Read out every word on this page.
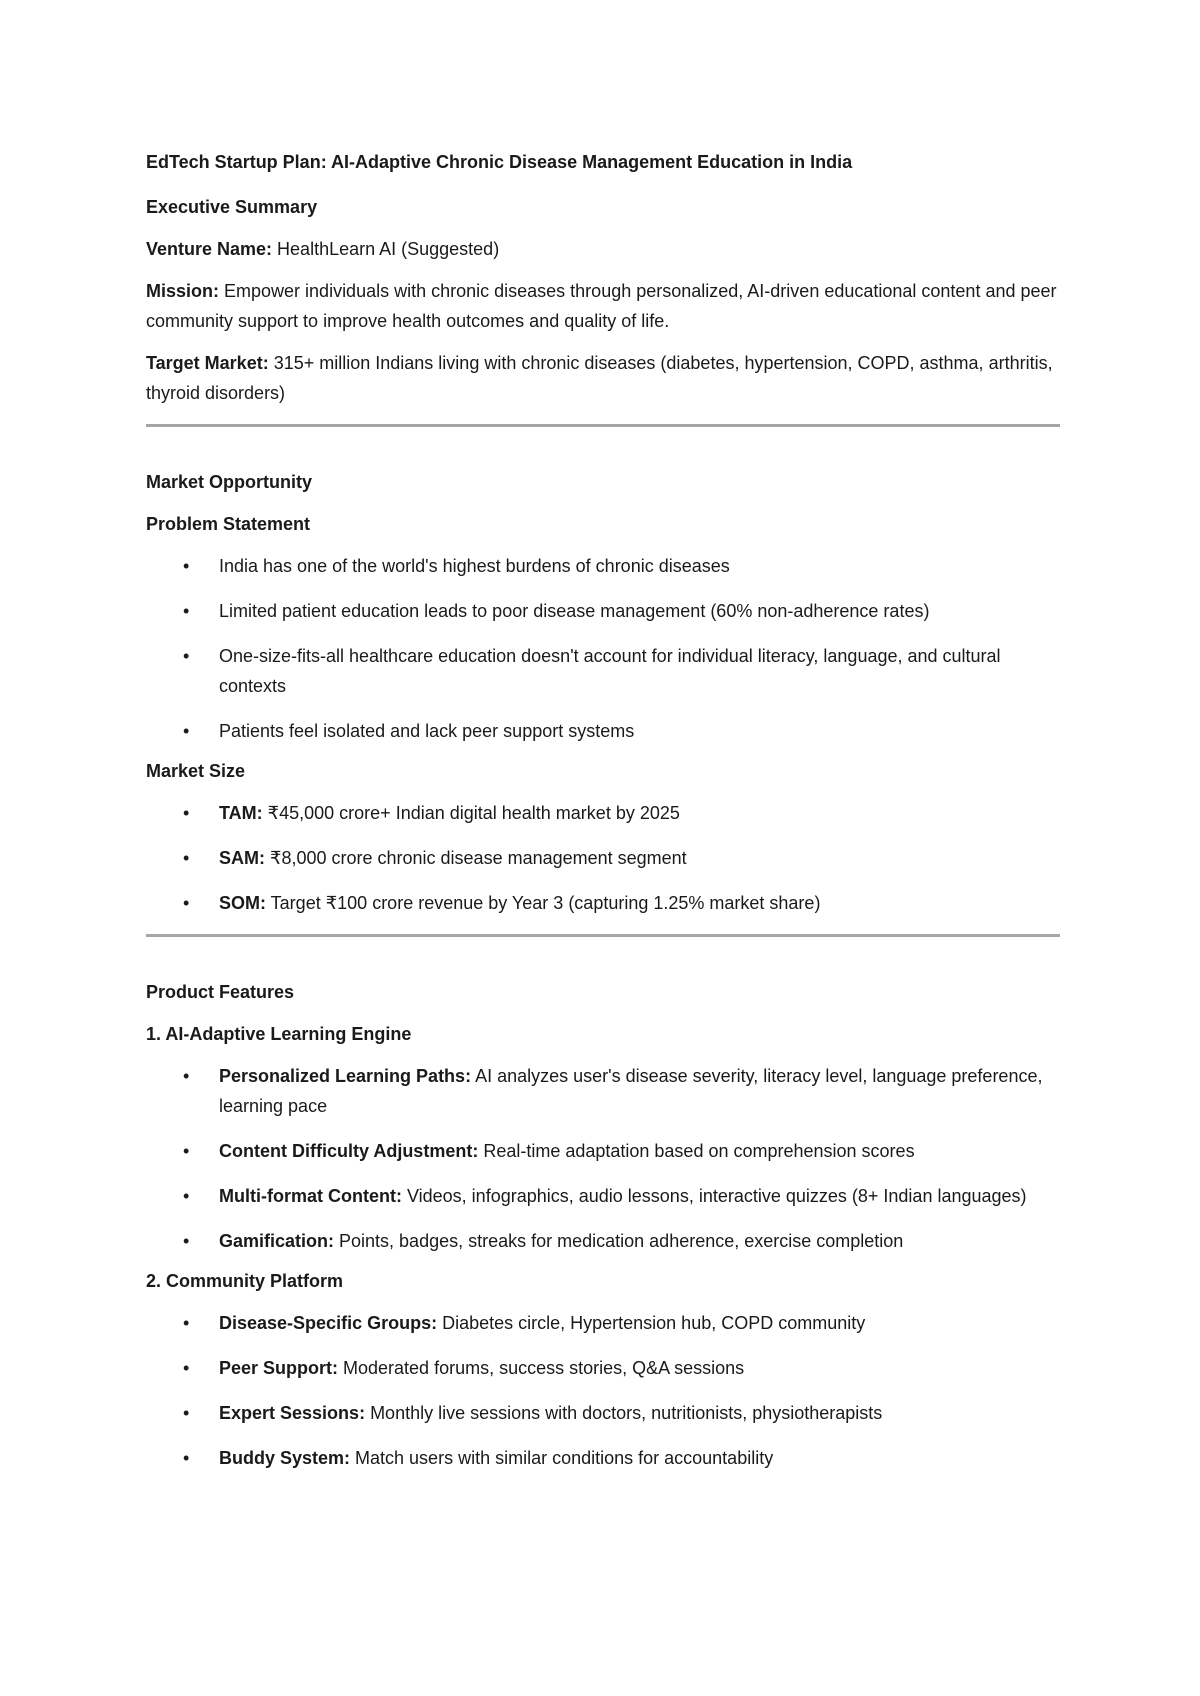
EdTech Startup Plan: AI-Adaptive Chronic Disease Management Education in India

Executive Summary

Venture Name: HealthLearn AI (Suggested)

Mission: Empower individuals with chronic diseases through personalized, AI-driven educational content and peer community support to improve health outcomes and quality of life.

Target Market: 315+ million Indians living with chronic diseases (diabetes, hypertension, COPD, asthma, arthritis, thyroid disorders)

Market Opportunity

Problem Statement

• India has one of the world's highest burdens of chronic diseases
• Limited patient education leads to poor disease management (60% non-adherence rates)
• One-size-fits-all healthcare education doesn't account for individual literacy, language, and cultural contexts
• Patients feel isolated and lack peer support systems

Market Size

• TAM: ₹45,000 crore+ Indian digital health market by 2025
• SAM: ₹8,000 crore chronic disease management segment
• SOM: Target ₹100 crore revenue by Year 3 (capturing 1.25% market share)

Product Features

1. AI-Adaptive Learning Engine

• Personalized Learning Paths: AI analyzes user's disease severity, literacy level, language preference, learning pace
• Content Difficulty Adjustment: Real-time adaptation based on comprehension scores
• Multi-format Content: Videos, infographics, audio lessons, interactive quizzes (8+ Indian languages)
• Gamification: Points, badges, streaks for medication adherence, exercise completion

2. Community Platform

• Disease-Specific Groups: Diabetes circle, Hypertension hub, COPD community
• Peer Support: Moderated forums, success stories, Q&A sessions
• Expert Sessions: Monthly live sessions with doctors, nutritionists, physiotherapists
• Buddy System: Match users with similar conditions for accountability
